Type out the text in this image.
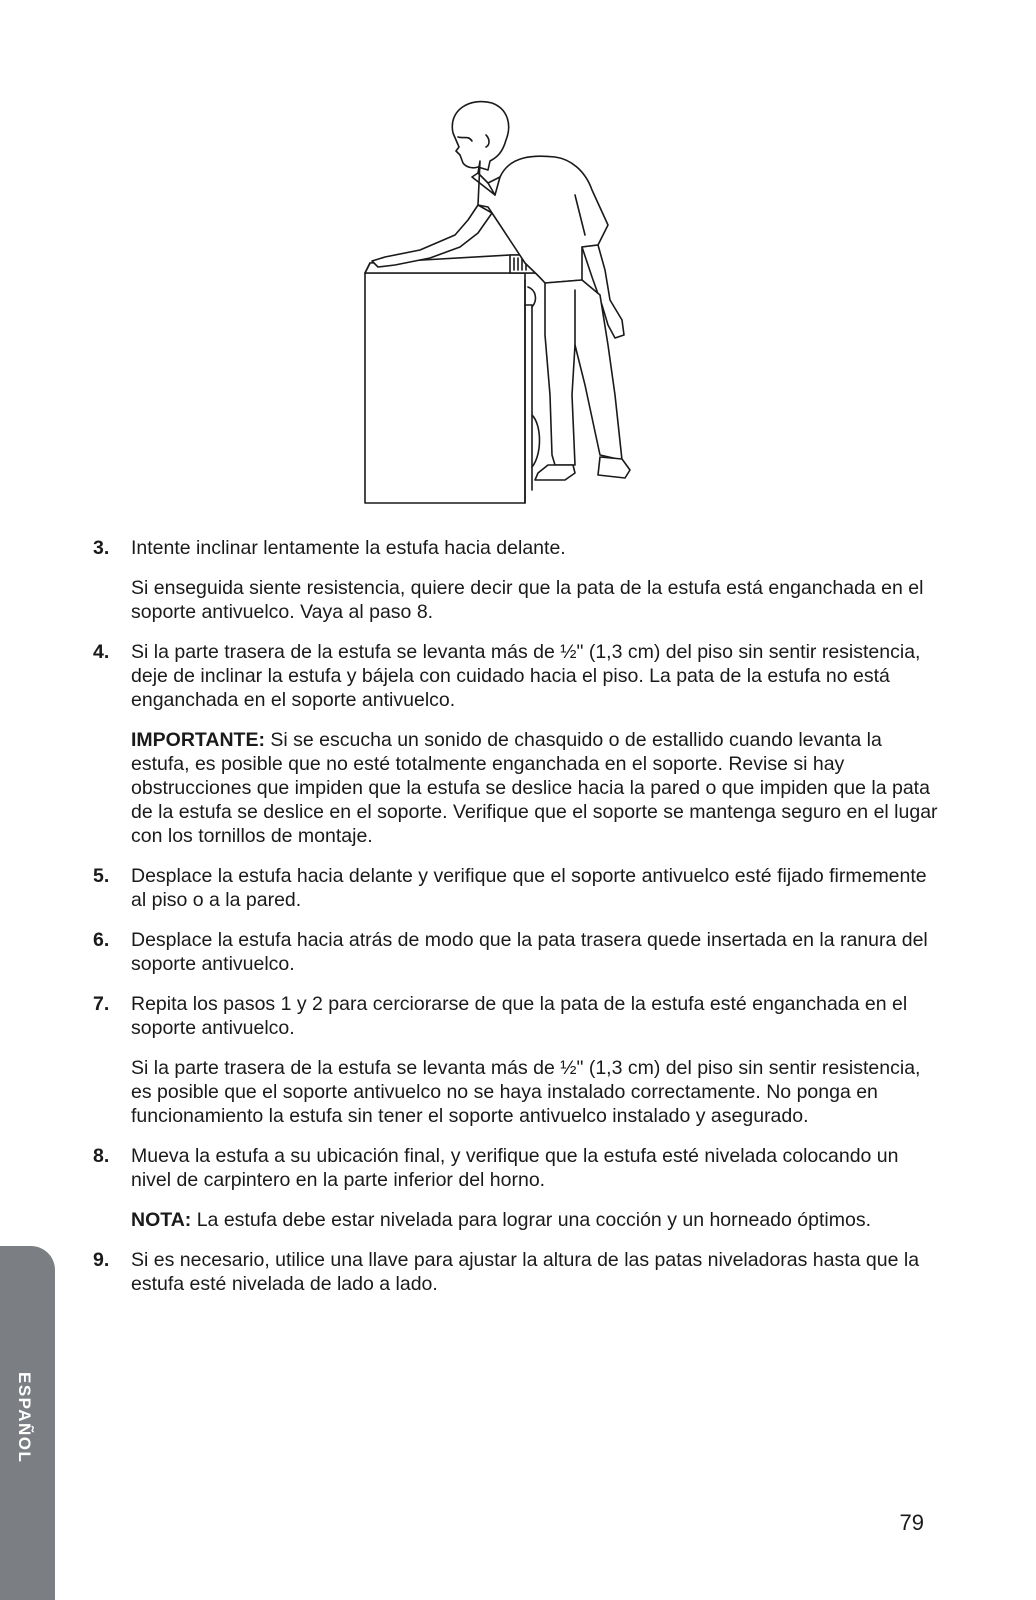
3. Intente inclinar lentamente la estufa hacia delante.

Si enseguida siente resistencia, quiere decir que la pata de la estufa está enganchada en el soporte antivuelco. Vaya al paso 8.

4. Si la parte trasera de la estufa se levanta más de ½" (1,3 cm) del piso sin sentir resistencia, deje de inclinar la estufa y bájela con cuidado hacia el piso. La pata de la estufa no está enganchada en el soporte antivuelco.

IMPORTANTE: Si se escucha un sonido de chasquido o de estallido cuando levanta la estufa, es posible que no esté totalmente enganchada en el soporte. Revise si hay obstrucciones que impiden que la estufa se deslice hacia la pared o que impiden que la pata de la estufa se deslice en el soporte. Verifique que el soporte se mantenga seguro en el lugar con los tornillos de montaje.

5. Desplace la estufa hacia delante y verifique que el soporte antivuelco esté fijado firmemente al piso o a la pared.

6. Desplace la estufa hacia atrás de modo que la pata trasera quede insertada en la ranura del soporte antivuelco.

7. Repita los pasos 1 y 2 para cerciorarse de que la pata de la estufa esté enganchada en el soporte antivuelco.

Si la parte trasera de la estufa se levanta más de ½" (1,3 cm) del piso sin sentir resistencia, es posible que el soporte antivuelco no se haya instalado correctamente. No ponga en funcionamiento la estufa sin tener el soporte antivuelco instalado y asegurado.

8. Mueva la estufa a su ubicación final, y verifique que la estufa esté nivelada colocando un nivel de carpintero en la parte inferior del horno.

NOTA: La estufa debe estar nivelada para lograr una cocción y un horneado óptimos.

9. Si es necesario, utilice una llave para ajustar la altura de las patas niveladoras hasta que la estufa esté nivelada de lado a lado.

ESPAÑOL
79
